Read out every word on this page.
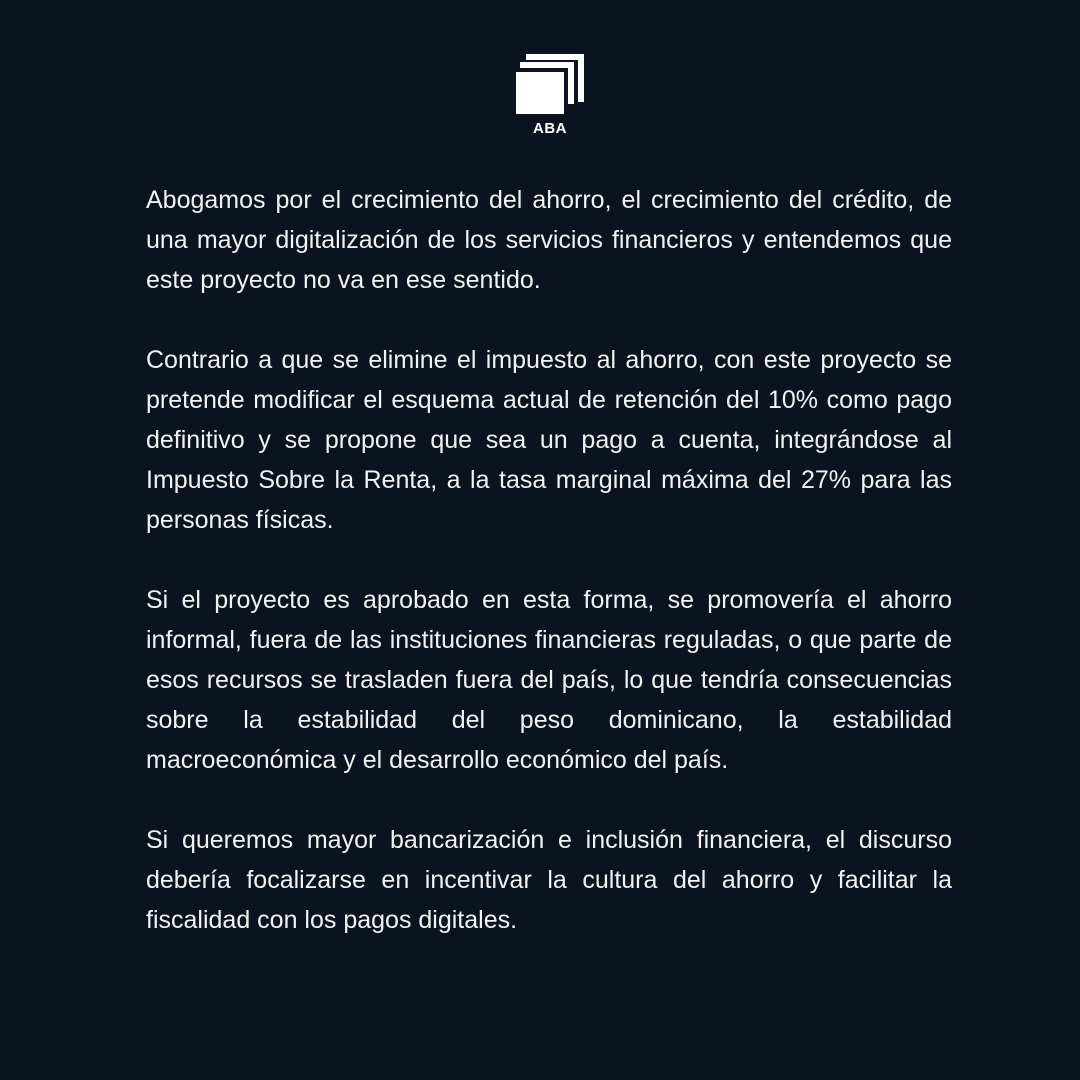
ABA

Abogamos por el crecimiento del ahorro, el crecimiento del crédito, de una mayor digitalización de los servicios financieros y entendemos que este proyecto no va en ese sentido.

Contrario a que se elimine el impuesto al ahorro, con este proyecto se pretende modificar el esquema actual de retención del 10% como pago definitivo y se propone que sea un pago a cuenta, integrándose al Impuesto Sobre la Renta, a la tasa marginal máxima del 27% para las personas físicas.

Si el proyecto es aprobado en esta forma, se promovería el ahorro informal, fuera de las instituciones financieras reguladas, o que parte de esos recursos se trasladen fuera del país, lo que tendría consecuencias sobre la estabilidad del peso dominicano, la estabilidad macroeconómica y el desarrollo económico del país.

Si queremos mayor bancarización e inclusión financiera, el discurso debería focalizarse en incentivar la cultura del ahorro y facilitar la fiscalidad con los pagos digitales.
